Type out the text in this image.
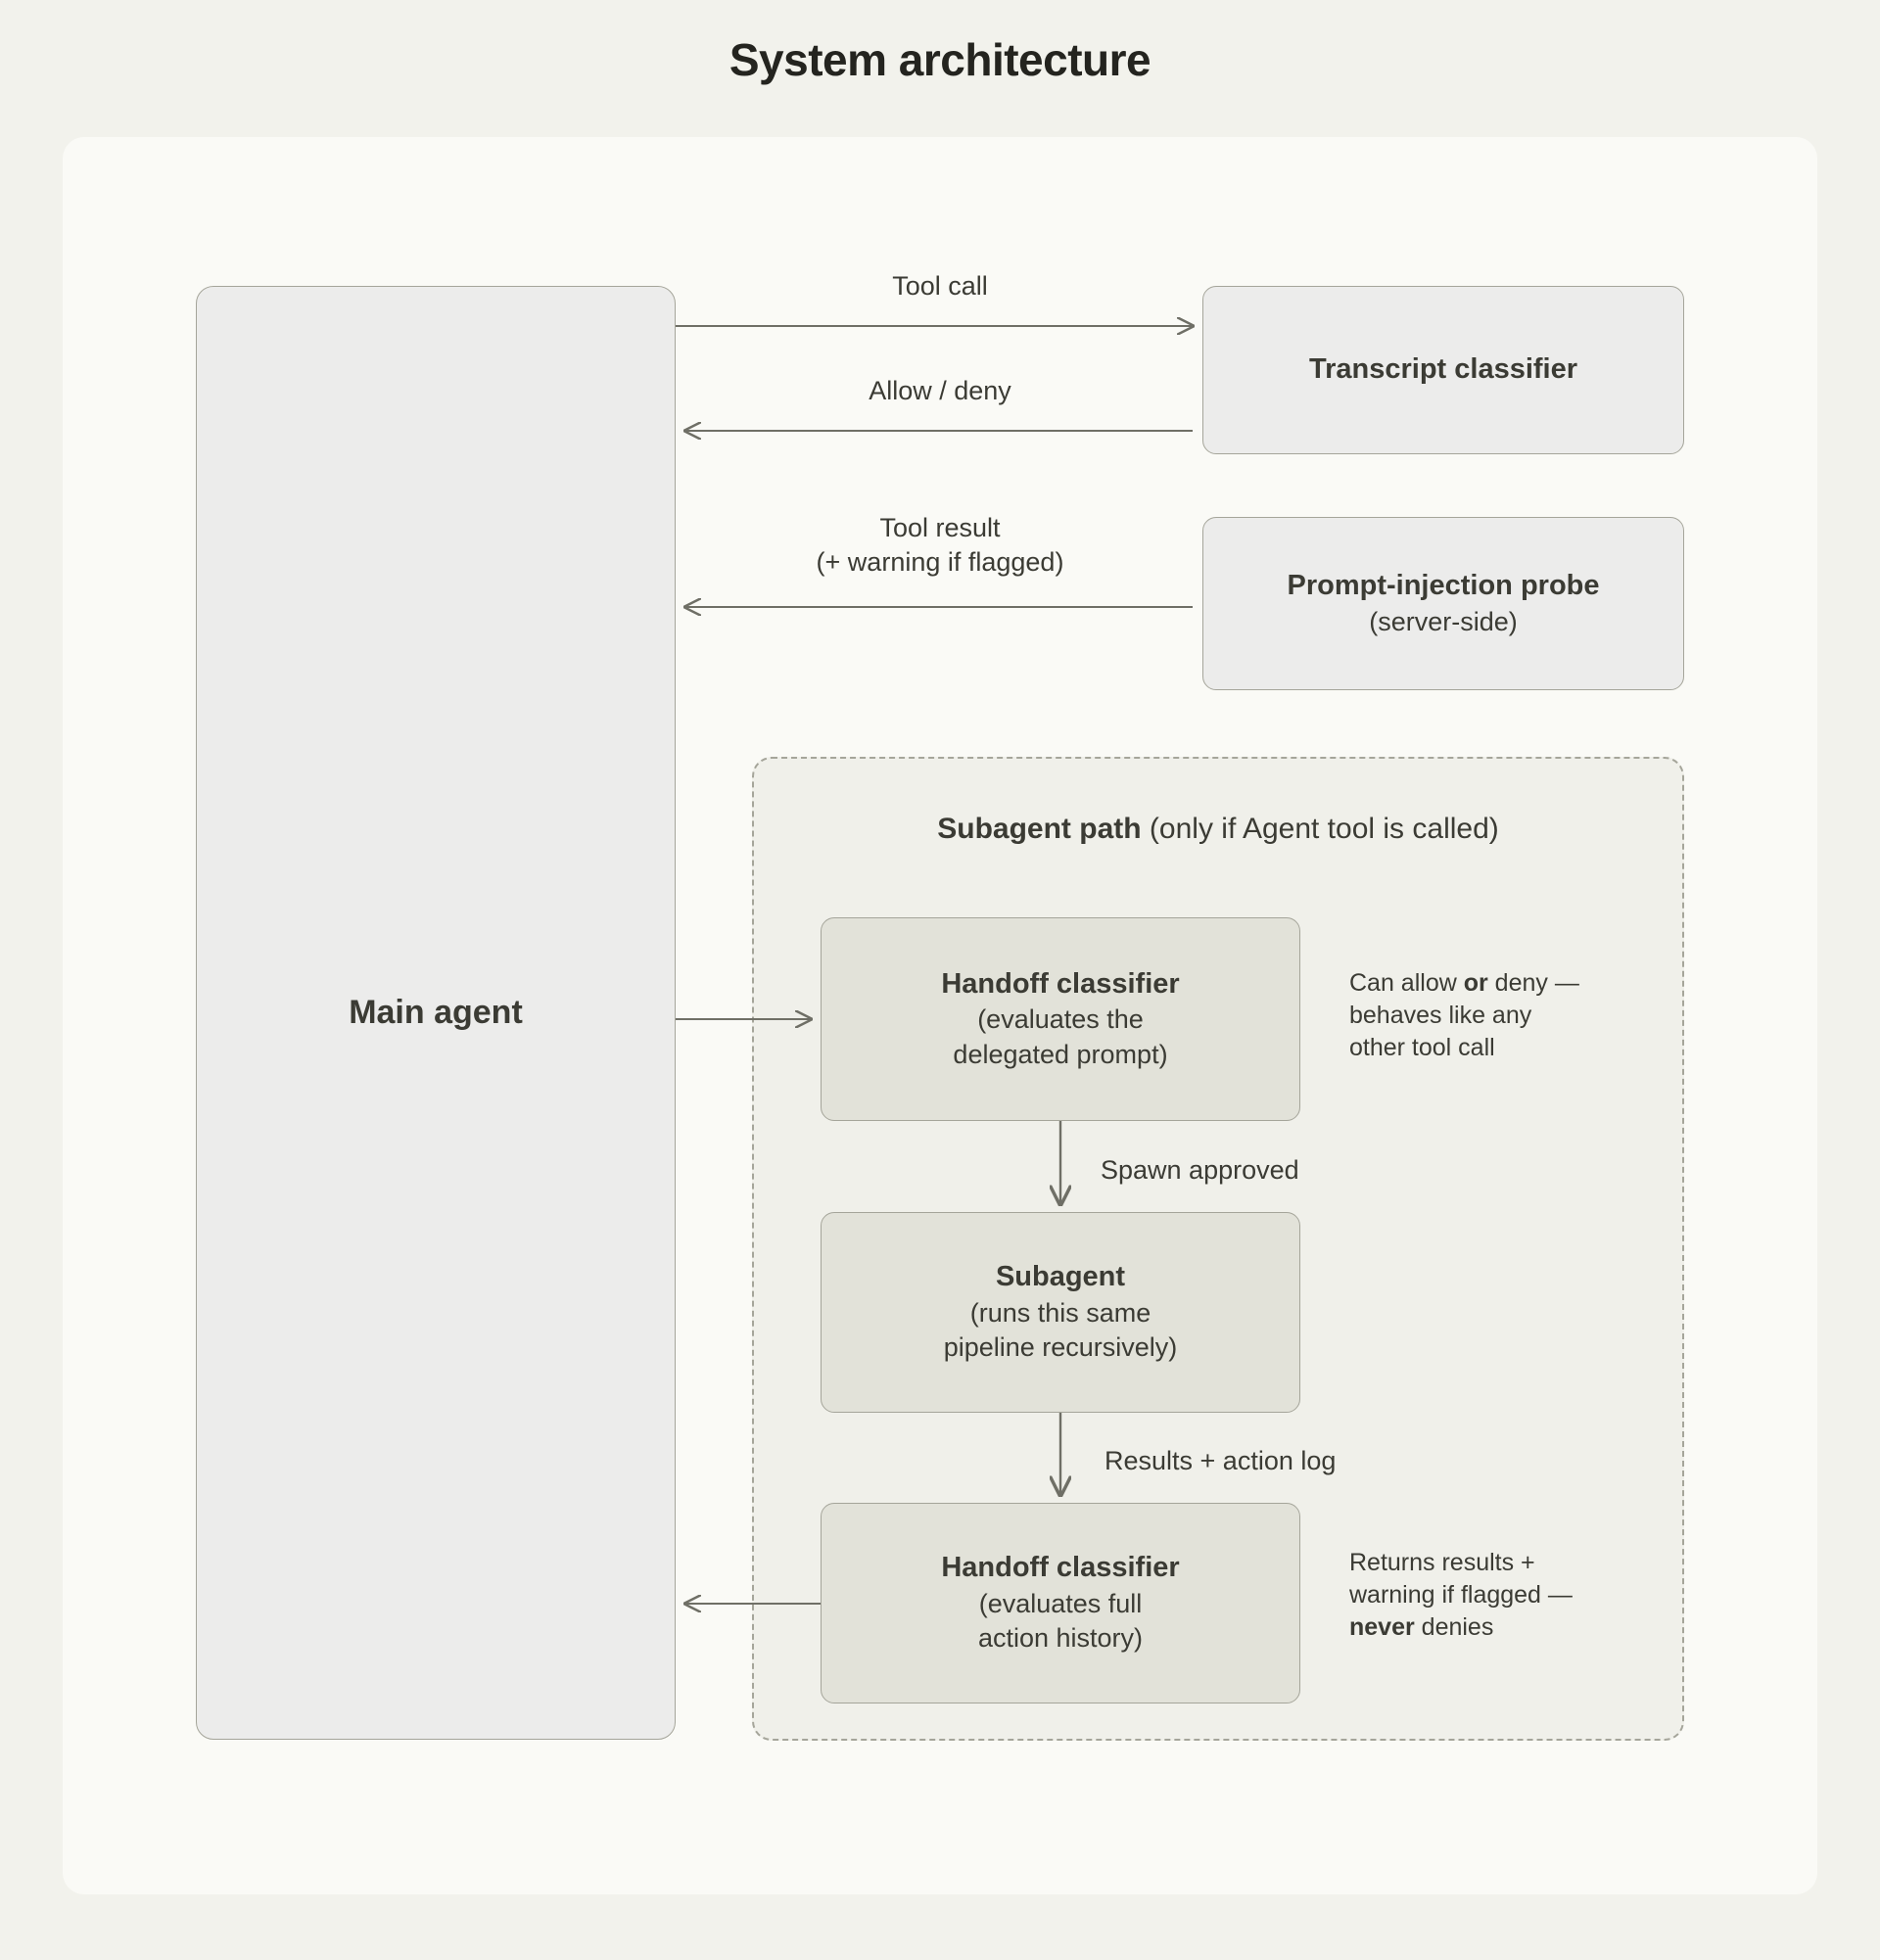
System architecture
Subagent path (only if Agent tool is called)
Main agent
Transcript classifier
Prompt-injection probe
(server-side)
Handoff classifier
(evaluates the
delegated prompt)
Subagent
(runs this same
pipeline recursively)
Handoff classifier
(evaluates full
action history)
Tool call
Allow / deny
Tool result
(+ warning if flagged)
Spawn approved
Results + action log
Can allow or deny —
behaves like any
other tool call
Returns results +
warning if flagged —
never denies
